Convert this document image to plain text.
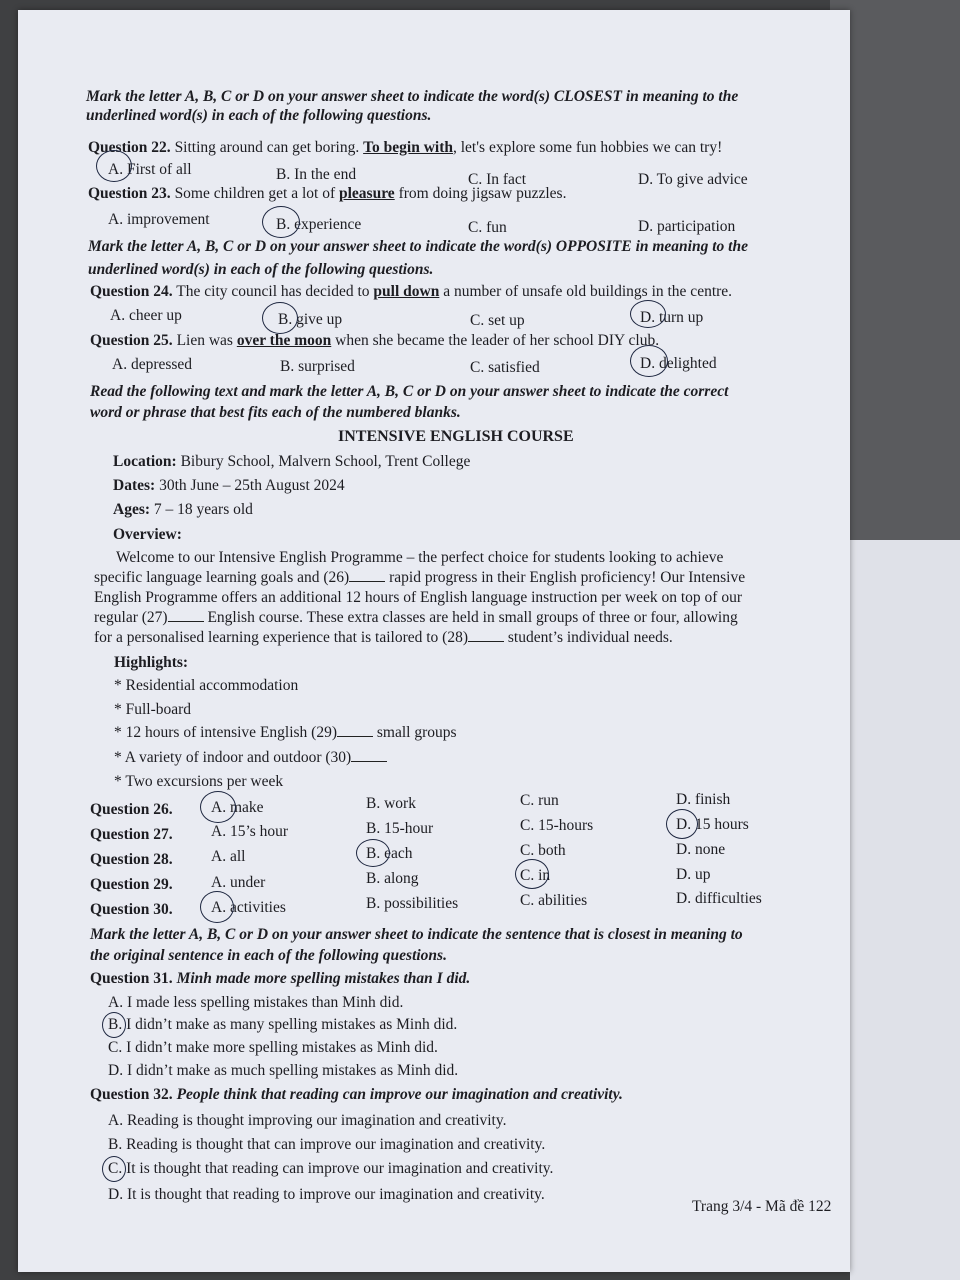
Mark the letter A, B, C or D on your answer sheet to indicate the word(s) CLOSEST in meaning to the
underlined word(s) in each of the following questions.
Question 22. Sitting around can get boring. To begin with, let's explore some fun hobbies we can try!
A. First of all	B. In the end	C. In fact	D. To give advice
Question 23. Some children get a lot of pleasure from doing jigsaw puzzles.
A. improvement	B. experience	C. fun	D. participation
Mark the letter A, B, C or D on your answer sheet to indicate the word(s) OPPOSITE in meaning to the
underlined word(s) in each of the following questions.
Question 24. The city council has decided to pull down a number of unsafe old buildings in the centre.
A. cheer up	B. give up	C. set up	D. turn up
Question 25. Lien was over the moon when she became the leader of her school DIY club.
A. depressed	B. surprised	C. satisfied	D. delighted
Read the following text and mark the letter A, B, C or D on your answer sheet to indicate the correct
word or phrase that best fits each of the numbered blanks.
INTENSIVE ENGLISH COURSE
Location: Bibury School, Malvern School, Trent College
Dates: 30th June – 25th August 2024
Ages: 7 – 18 years old
Overview:
Welcome to our Intensive English Programme – the perfect choice for students looking to achieve
specific language learning goals and (26) rapid progress in their English proficiency! Our Intensive
English Programme offers an additional 12 hours of English language instruction per week on top of our
regular (27) English course. These extra classes are held in small groups of three or four, allowing
for a personalised learning experience that is tailored to (28) student’s individual needs.
Highlights:
* Residential accommodation
* Full-board
* 12 hours of intensive English (29) small groups
* A variety of indoor and outdoor (30)
* Two excursions per week
Question 26. A. make	B. work	C. run	D. finish
Question 27. A. 15’s hour	B. 15-hour	C. 15-hours	D. 15 hours
Question 28. A. all	B. each	C. both	D. none
Question 29. A. under	B. along	C. in	D. up
Question 30. A. activities	B. possibilities	C. abilities	D. difficulties
Mark the letter A, B, C or D on your answer sheet to indicate the sentence that is closest in meaning to
the original sentence in each of the following questions.
Question 31. Minh made more spelling mistakes than I did.
A. I made less spelling mistakes than Minh did.
B. I didn’t make as many spelling mistakes as Minh did.
C. I didn’t make more spelling mistakes as Minh did.
D. I didn’t make as much spelling mistakes as Minh did.
Question 32. People think that reading can improve our imagination and creativity.
A. Reading is thought improving our imagination and creativity.
B. Reading is thought that can improve our imagination and creativity.
C. It is thought that reading can improve our imagination and creativity.
D. It is thought that reading to improve our imagination and creativity.
Trang 3/4 - Mã đề 122
